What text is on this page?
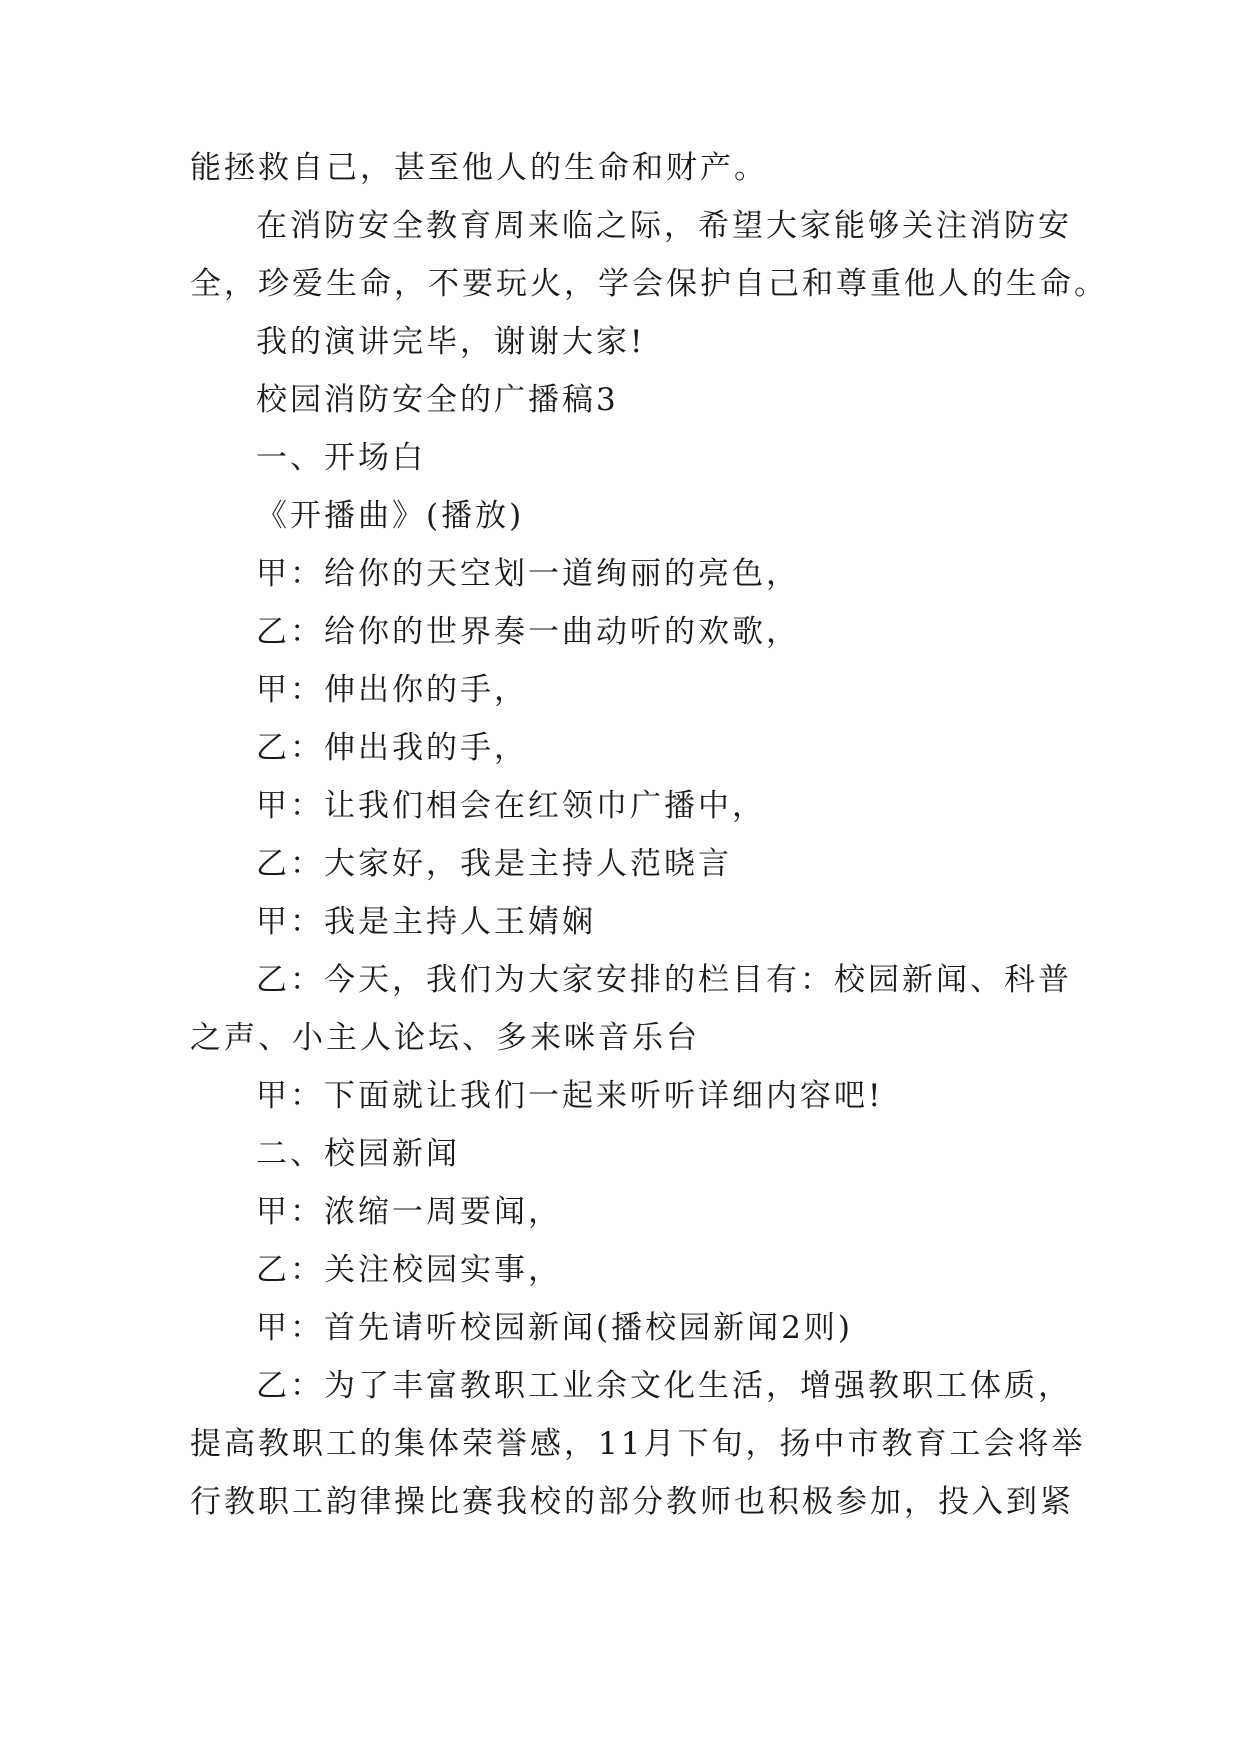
能拯救自己，甚至他人的生命和财产。
在消防安全教育周来临之际，希望大家能够关注消防安
全，珍爱生命，不要玩火，学会保护自己和尊重他人的生命。
我的演讲完毕，谢谢大家!
校园消防安全的广播稿3
一、开场白
《开播曲》(播放)
甲：给你的天空划一道绚丽的亮色，
乙：给你的世界奏一曲动听的欢歌，
甲：伸出你的手，
乙：伸出我的手，
甲：让我们相会在红领巾广播中，
乙：大家好，我是主持人范晓言
甲：我是主持人王婧娴
乙：今天，我们为大家安排的栏目有：校园新闻、科普
之声、小主人论坛、多来咪音乐台
甲：下面就让我们一起来听听详细内容吧!
二、校园新闻
甲：浓缩一周要闻，
乙：关注校园实事，
甲：首先请听校园新闻(播校园新闻2则)
乙：为了丰富教职工业余文化生活，增强教职工体质，
提高教职工的集体荣誉感，11月下旬，扬中市教育工会将举
行教职工韵律操比赛我校的部分教师也积极参加，投入到紧
